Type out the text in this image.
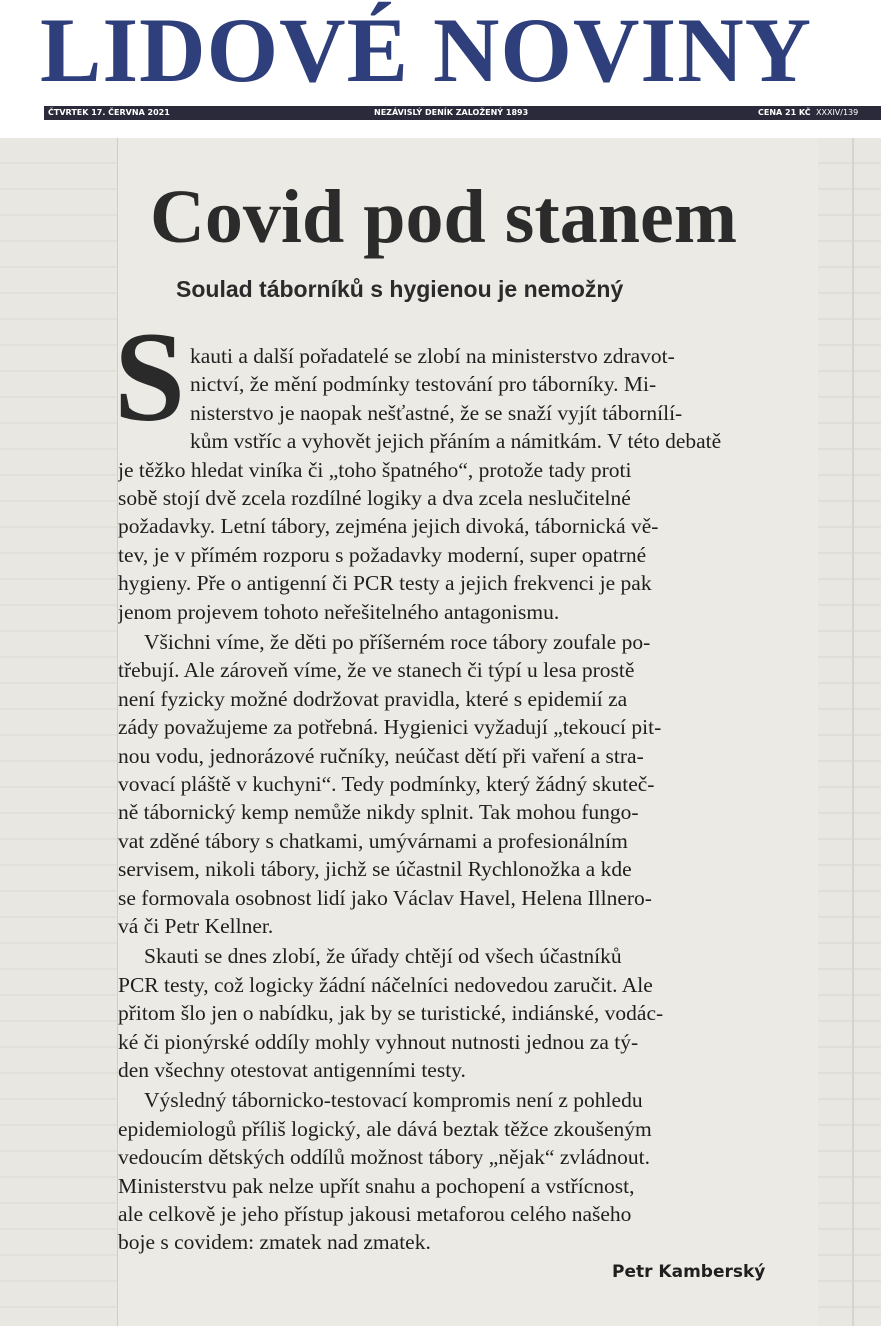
LIDOVÉ NOVINY
ČTVRTEK 17. ČERVNA 2021	NEZÁVISLÝ DENÍK ZALOŽENÝ 1893	CENA 21 KČ XXXIV/139
Covid pod stanem
Soulad táborníků s hygienou je nemožný
S kauti a další pořadatelé se zlobí na ministerstvo zdravot-
nictví, že mění podmínky testování pro táborníky. Mi-
nisterstvo je naopak nešťastné, že se snaží vyjít tábornílí-
kům vstříc a vyhovět jejich přáním a námitkám. V této debatě
je těžko hledat viníka či „toho špatného“, protože tady proti
sobě stojí dvě zcela rozdílné logiky a dva zcela neslučitelné
požadavky. Letní tábory, zejména jejich divoká, tábornická vě-
tev, je v přímém rozporu s požadavky moderní, super opatrné
hygieny. Pře o antigenní či PCR testy a jejich frekvenci je pak
jenom projevem tohoto neřešitelného antagonismu.
Všichni víme, že děti po příšerném roce tábory zoufale po-
třebují. Ale zároveň víme, že ve stanech či týpí u lesa prostě
není fyzicky možné dodržovat pravidla, které s epidemií za
zády považujeme za potřebná. Hygienici vyžadují „tekoucí pit-
nou vodu, jednorázové ručníky, neúčast dětí při vaření a stra-
vovací pláště v kuchyni“. Tedy podmínky, který žádný skuteč-
ně tábornický kemp nemůže nikdy splnit. Tak mohou fungo-
vat zděné tábory s chatkami, umývárnami a profesionálním
servisem, nikoli tábory, jichž se účastnil Rychlonožka a kde
se formovala osobnost lidí jako Václav Havel, Helena Illnero-
vá či Petr Kellner.
Skauti se dnes zlobí, že úřady chtějí od všech účastníků
PCR testy, což logicky žádní náčelníci nedovedou zaručit. Ale
přitom šlo jen o nabídku, jak by se turistické, indiánské, vodác-
ké či pionýrské oddíly mohly vyhnout nutnosti jednou za tý-
den všechny otestovat antigenními testy.
Výsledný tábornicko-testovací kompromis není z pohledu
epidemiologů příliš logický, ale dává beztak těžce zkoušeným
vedoucím dětských oddílů možnost tábory „nějak“ zvládnout.
Ministerstvu pak nelze upřít snahu a pochopení a vstřícnost,
ale celkově je jeho přístup jakousi metaforou celého našeho
boje s covidem: zmatek nad zmatek.
Petr Kamberský
